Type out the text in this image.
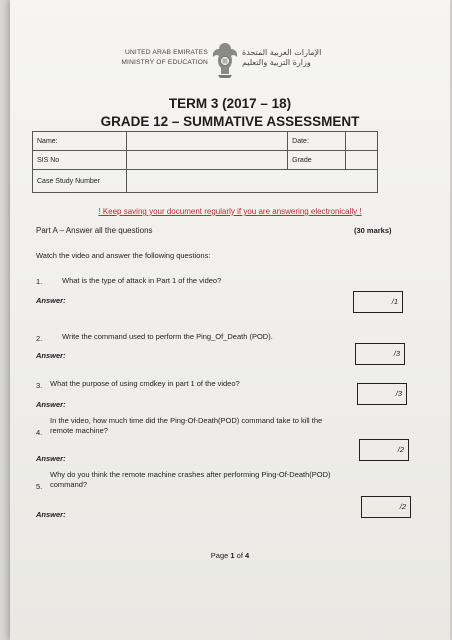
UNITED ARAB EMIRATES
MINISTRY OF EDUCATION
الإمارات العربية المتحدة
وزارة التربية والتعليم
TERM 3 (2017 – 18)
GRADE 12 – SUMMATIVE ASSESSMENT
Name:		Date:	
SIS No		Grade	
Case Study Number			
! Keep saving your document regularly if you are answering electronically !
Part A – Answer all the questions	(30 marks)
Watch the video and answer the following questions:
1.	What is the type of attack in Part 1 of the video?
Answer:	/1
2.	Write the command used to perform the Ping_Of_Death (POD).
Answer:	/3
3. What the purpose of using cmdkey in part 1 of the video?
Answer:
/3
4.
In the video, how much time did the Ping-Of-Death(POD) command take to kill the
remote machine?
Answer:
/2
5.
Why do you think the remote machine crashes after performing Ping-Of-Death(POD)
command?
Answer:
/2
Page 1 of 4
